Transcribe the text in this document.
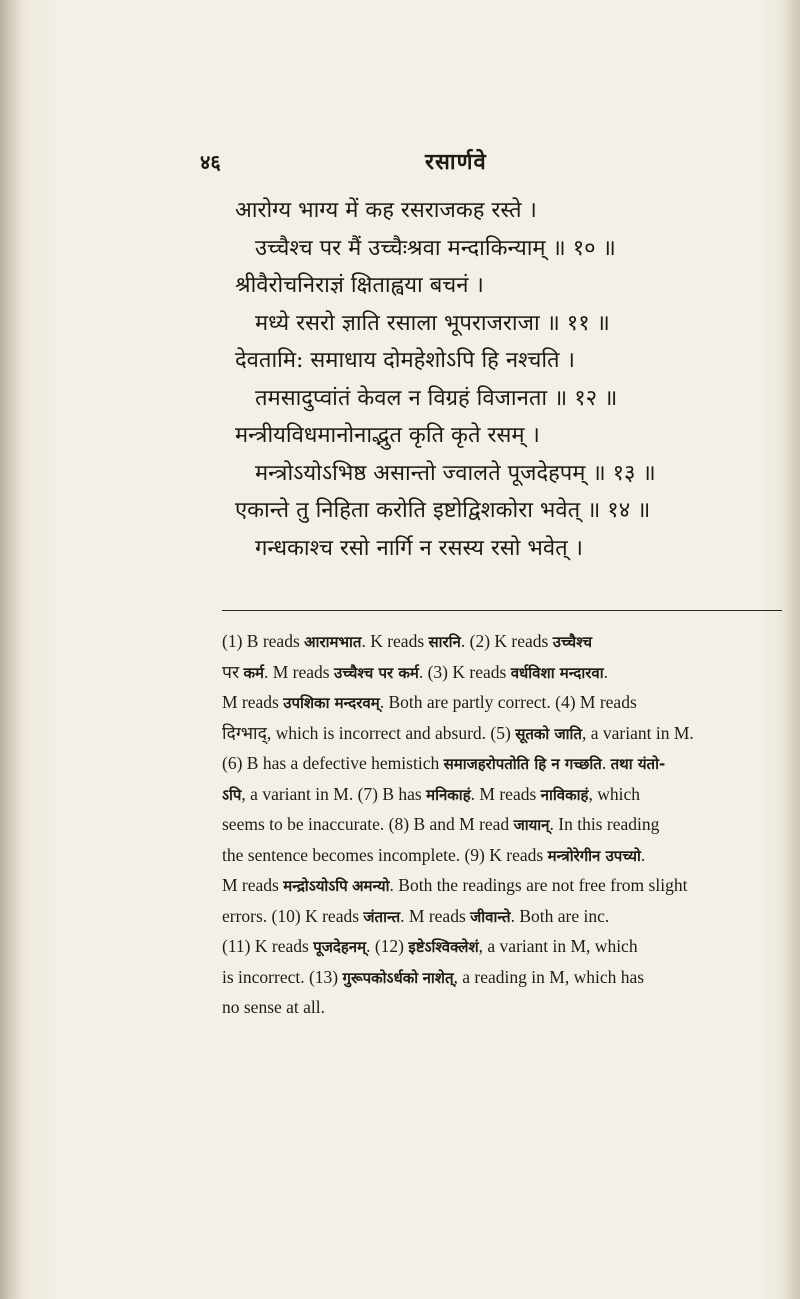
४६	रसार्णवे
आरोग्य भाग्य में कह रसराजकह रस्ते ।
उच्चैश्च पर मैं उच्चैःश्रवा मन्दाकिन्याम् ॥ १० ॥
श्रीवैरोचनिराज्ञं क्षिताह्वया बचनं ।
मध्ये रसरो ज्ञाति रसाला भूपराजराजा ॥ ११ ॥
देवतामि: समाधाय दोमहेशोऽपि हि नश्चति ।
तमसादुप्वांतं केवल न विग्रहं विजानता ॥ १२ ॥
मन्त्रीयविधमानोनाद्भुत कृति कृते रसम् ।
मन्त्रोऽयोऽभिष्ठ असान्तो ज्वालते पूजदेहपम् ॥ १३ ॥
एकान्ते तु निहिता करोति इष्टोद्विशकोरा भवेत् ॥ १४ ॥
गन्धकाश्च रसो नार्गि न रसस्य रसो भवेत् ।
(1) B reads आरामभात. K reads सारनि. (2) K reads उच्चैश्च
पर कर्म. M reads उच्चैश्च पर कर्म. (3) K reads वर्धविशा मन्दारवा.
M reads उपशिका मन्दरवम्. Both are partly correct. (4) M reads
दिग्भाद्, which is incorrect and absurd. (5) सूतको जाति, a variant in M.
(6) B has a defective hemistich समाजहरोपतोति हि न गच्छति. तथा यंतो-
ऽपि, a variant in M. (7) B has मनिकाहं. M reads नाविकाहं, which
seems to be inaccurate. (8) B and M read जायान्. In this reading
the sentence becomes incomplete. (9) K reads मन्त्रोरेगीन उपच्यो.
M reads मन्द्रोऽयोऽपि अमन्यो. Both the readings are not free from slight
errors. (10) K reads जंतान्त. M reads जीवान्ते. Both are inc.
(11) K reads पूजदेहनम्. (12) इष्टेऽश्विक्लेशं, a variant in M, which
is incorrect. (13) गुरूपकोऽर्धको नाशेत्, a reading in M, which has
no sense at all.
